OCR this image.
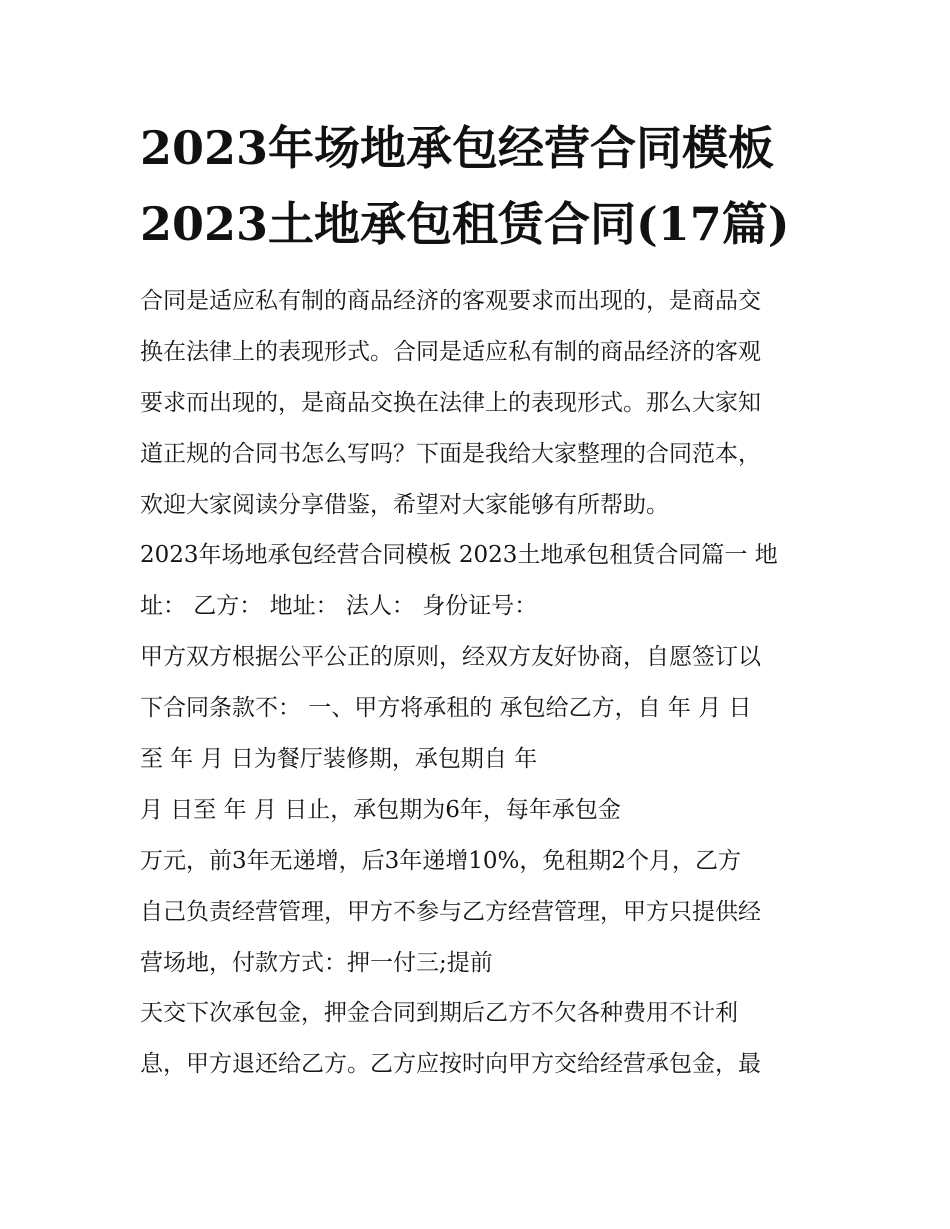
2023年场地承包经营合同模板
2023土地承包租赁合同(17篇)
合同是适应私有制的商品经济的客观要求而出现的，是商品交
换在法律上的表现形式。合同是适应私有制的商品经济的客观
要求而出现的，是商品交换在法律上的表现形式。那么大家知
道正规的合同书怎么写吗？下面是我给大家整理的合同范本，
欢迎大家阅读分享借鉴，希望对大家能够有所帮助。
2023年场地承包经营合同模板 2023土地承包租赁合同篇一 地
址： 乙方： 地址： 法人： 身份证号：
甲方双方根据公平公正的原则，经双方友好协商，自愿签订以
下合同条款不： 一、甲方将承租的 承包给乙方，自 年 月 日
至 年 月 日为餐厅装修期，承包期自 年
月 日至 年 月 日止，承包期为6年，每年承包金
万元，前3年无递增，后3年递增10%，免租期2个月，乙方
自己负责经营管理，甲方不参与乙方经营管理，甲方只提供经
营场地，付款方式：押一付三;提前
天交下次承包金，押金合同到期后乙方不欠各种费用不计利
息，甲方退还给乙方。乙方应按时向甲方交给经营承包金，最
